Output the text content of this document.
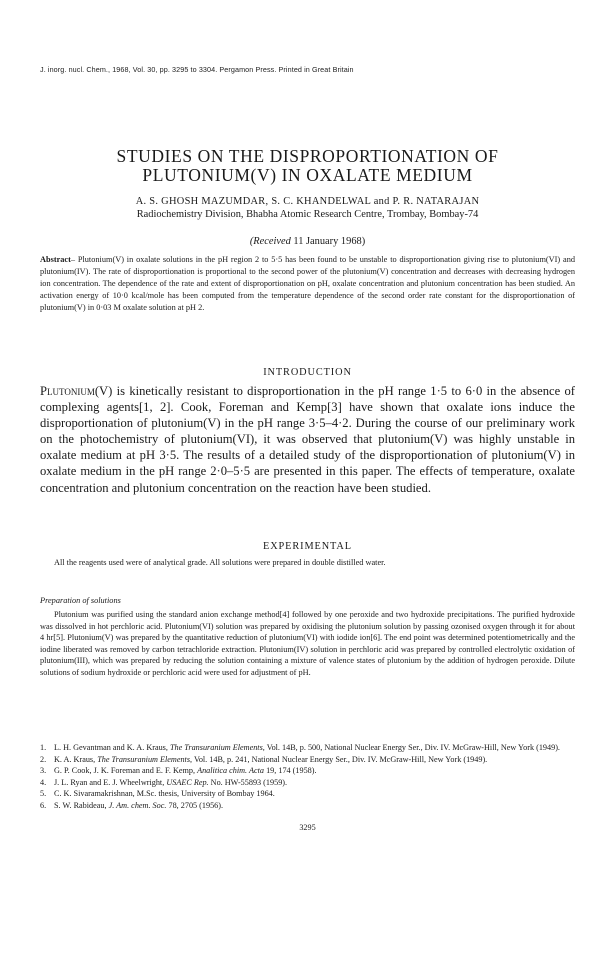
J. inorg. nucl. Chem., 1968, Vol. 30, pp. 3295 to 3304. Pergamon Press. Printed in Great Britain
STUDIES ON THE DISPROPORTIONATION OF
PLUTONIUM(V) IN OXALATE MEDIUM
A. S. GHOSH MAZUMDAR, S. C. KHANDELWAL and P. R. NATARAJAN
Radiochemistry Division, Bhabha Atomic Research Centre, Trombay, Bombay-74
(Received 11 January 1968)
Abstract– Plutonium(V) in oxalate solutions in the pH region 2 to 5·5 has been found to be unstable to disproportionation giving rise to plutonium(VI) and plutonium(IV). The rate of disproportionation is proportional to the second power of the plutonium(V) concentration and decreases with decreasing hydrogen ion concentration. The dependence of the rate and extent of disproportionation on pH, oxalate concentration and plutonium concentration has been studied. An activation energy of 10·0 kcal/mole has been computed from the temperature dependence of the second order rate constant for the disproportionation of plutonium(V) in 0·03 M oxalate solution at pH 2.
INTRODUCTION
Plutonium(V) is kinetically resistant to disproportionation in the pH range 1·5 to 6·0 in the absence of complexing agents[1, 2]. Cook, Foreman and Kemp[3] have shown that oxalate ions induce the disproportionation of plutonium(V) in the pH range 3·5–4·2. During the course of our preliminary work on the photochemistry of plutonium(VI), it was observed that plutonium(V) was highly unstable in oxalate medium at pH 3·5. The results of a detailed study of the disproportionation of plutonium(V) in oxalate medium in the pH range 2·0–5·5 are presented in this paper. The effects of temperature, oxalate concentration and plutonium concentration on the reaction have been studied.
EXPERIMENTAL
All the reagents used were of analytical grade. All solutions were prepared in double distilled water.
Preparation of solutions
Plutonium was purified using the standard anion exchange method[4] followed by one peroxide and two hydroxide precipitations. The purified hydroxide was dissolved in hot perchloric acid. Plutonium(VI) solution was prepared by oxidising the plutonium solution by passing ozonised oxygen through it for about 4 hr[5]. Plutonium(V) was prepared by the quantitative reduction of plutonium(VI) with iodide ion[6]. The end point was determined potentiometrically and the iodine liberated was removed by carbon tetrachloride extraction. Plutonium(IV) solution in perchloric acid was prepared by controlled electrolytic oxidation of plutonium(III), which was prepared by reducing the solution containing a mixture of valence states of plutonium by the addition of hydrogen peroxide. Dilute solutions of sodium hydroxide or perchloric acid were used for adjustment of pH.
1. L. H. Gevantman and K. A. Kraus, The Transuranium Elements, Vol. 14B, p. 500, National Nuclear Energy Ser., Div. IV. McGraw-Hill, New York (1949).
2. K. A. Kraus, The Transuranium Elements, Vol. 14B, p. 241, National Nuclear Energy Ser., Div. IV. McGraw-Hill, New York (1949).
3. G. P. Cook, J. K. Foreman and E. F. Kemp, Analitica chim. Acta 19, 174 (1958).
4. J. L. Ryan and E. J. Wheelwright, USAEC Rep. No. HW-55893 (1959).
5. C. K. Sivaramakrishnan, M.Sc. thesis, University of Bombay 1964.
6. S. W. Rabideau, J. Am. chem. Soc. 78, 2705 (1956).
3295
